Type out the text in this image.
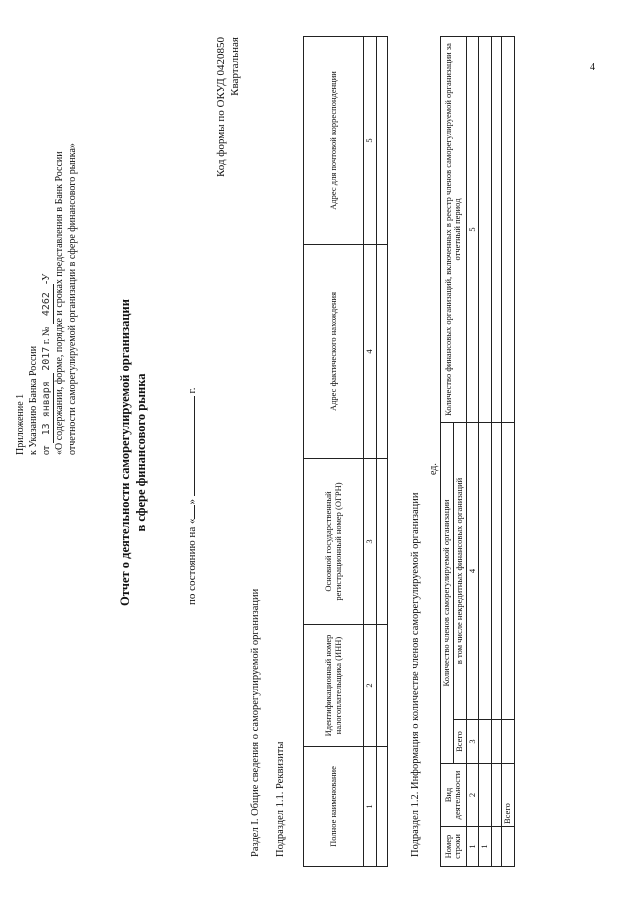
4
Приложение 1 к Указанию Банка России от 13 января 2017 г. № 4262-У «О содержании, форме, порядке и сроках представления в Банк России отчетности саморегулируемой организации в сфере финансового рынка»	Отчет о деятельности саморегулируемой организации в сфере финансового рынка
по состоянию на «»  г.
Код формы по ОКУД 0420850 Квартальная
Раздел I. Общие сведения о саморегулируемой организации Подраздел 1.1. Реквизиты	Полное наименование	Идентификационный номер налогоплательщика (ИНН)	Основной государственный регистрационный номер (ОГРН)	Адрес фактического нахождения	Адрес для почтовой корреспонденции
1	2	3	4	5

Подраздел 1.2. Информация о количестве членов саморегулируемой организации
ед.
Номер строки	Вид деятельности	Количество членов саморегулируемой организации		Количество финансовых организаций, включенных в реестр членов саморегулируемой организации за отчетный период
		Всего	в том числе некредитных финансовых организаций	
1	2	3	4	5
1				

	Всего			
